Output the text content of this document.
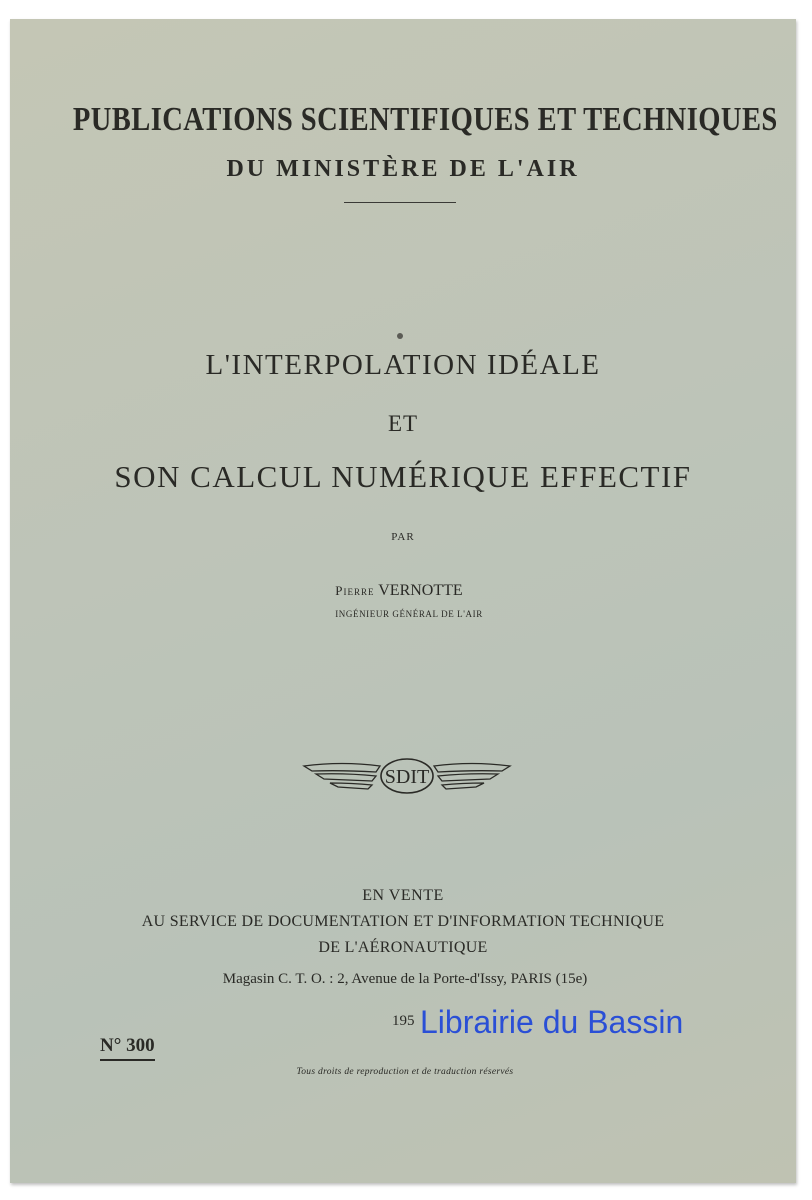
PUBLICATIONS SCIENTIFIQUES ET TECHNIQUES
DU MINISTÈRE DE L'AIR
L'INTERPOLATION IDÉALE
ET
SON CALCUL NUMÉRIQUE EFFECTIF
PAR
Pierre VERNOTTE
INGÉNIEUR GÉNÉRAL DE L'AIR
SDIT
EN VENTE
AU SERVICE DE DOCUMENTATION ET D'INFORMATION TECHNIQUE
DE L'AÉRONAUTIQUE
Magasin C. T. O. : 2, Avenue de la Porte-d'Issy, PARIS (15e)
195
N° 300
Tous droits de reproduction et de traduction réservés
Librairie du Bassin
